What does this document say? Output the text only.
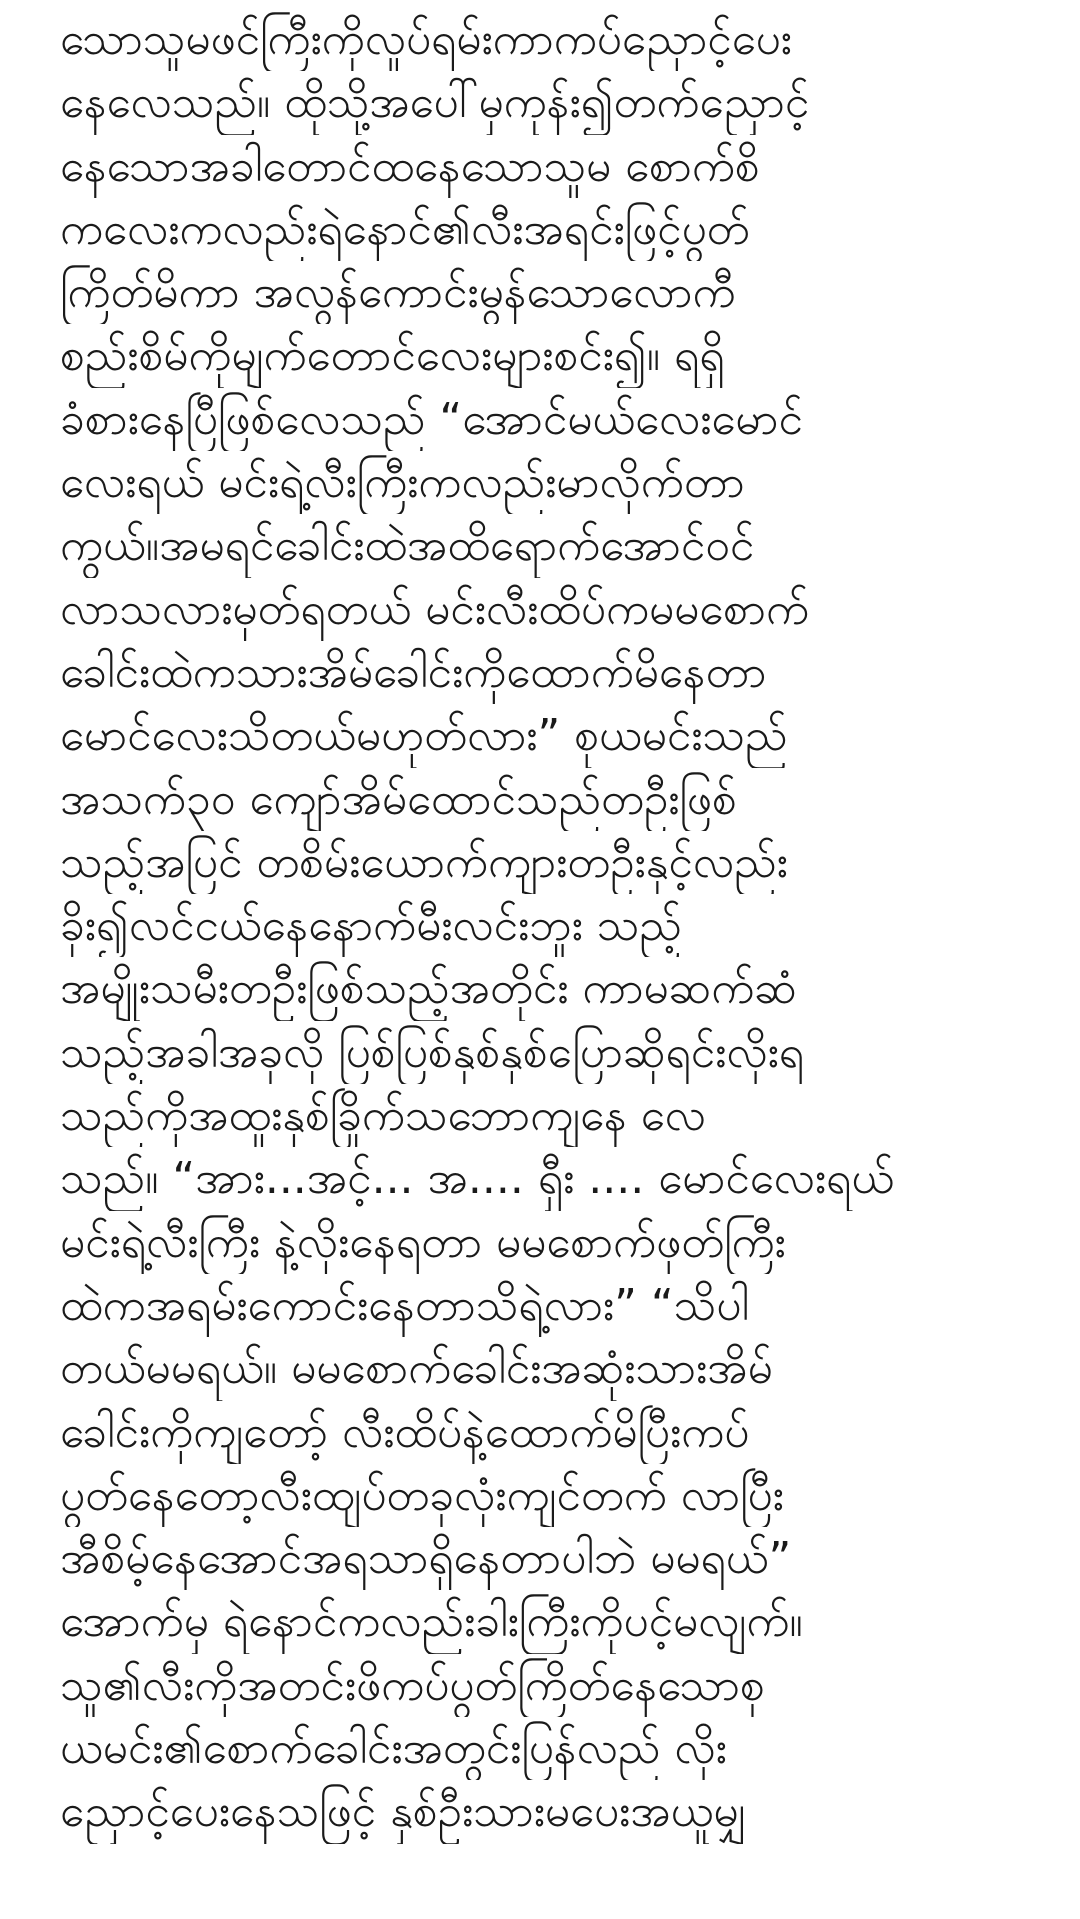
သောသူမဖင်ကြီးကိုလှုပ်ရမ်းကာကပ်ညှောင့်ပေး
နေလေသည်။ ထိုသို့အပေါ်မှကုန်း၍တက်ညှောင့်
နေသောအခါတောင်ထနေသောသူမ စောက်စိ
ကလေးကလည်းရဲနောင်၏လီးအရင်းဖြင့်ပွတ်
ကြိတ်မိကာ အလွန်ကောင်းမွန်သောလောကီ
စည်းစိမ်ကိုမျက်တောင်လေးများစင်း၍။ ရရှိ
ခံစားနေပြီဖြစ်လေသည် “အောင်မယ်လေးမောင်
လေးရယ် မင်းရဲ့လီးကြီးကလည်းမာလိုက်တာ
ကွယ်။အမရင်ခေါင်းထဲအထိရောက်အောင်ဝင်
လာသလားမှတ်ရတယ် မင်းလီးထိပ်ကမမစောက်
ခေါင်းထဲကသားအိမ်ခေါင်းကိုထောက်မိနေတာ
မောင်လေးသိတယ်မဟုတ်လား” စုယမင်းသည်
အသက်၃၀ ကျော်အိမ်ထောင်သည်တဦးဖြစ်
သည့်အပြင် တစိမ်းယောက်ကျားတဦးနှင့်လည်း
ခိုး၍လင်ငယ်နေနောက်မီးလင်းဘူး သည့်
အမျိုးသမီးတဦးဖြစ်သည့်အတိုင်း ကာမဆက်ဆံ
သည့်အခါအခုလို ပြစ်ပြစ်နှစ်နှစ်ပြောဆိုရင်းလိုးရ
သည်ကိုအထူးနှစ်ခြိုက်သဘောကျနေ လေ
သည်။ “အား...အင့်... အ.... ရှီး .... မောင်လေးရယ်
မင်းရဲ့လီးကြီး နဲ့လိုးနေရတာ မမစောက်ဖုတ်ကြီး
ထဲကအရမ်းကောင်းနေတာသိရဲ့လား” “သိပါ
တယ်မမရယ်။ မမစောက်ခေါင်းအဆုံးသားအိမ်
ခေါင်းကိုကျတော့် လီးထိပ်နဲ့ထောက်မိပြီးကပ်
ပွတ်နေတော့လီးထျပ်တခုလုံးကျင်တက် လာပြီး
အီစိမ့်နေအောင်အရသာရှိနေတာပါဘဲ မမရယ်”
အောက်မှ ရဲနောင်ကလည်းခါးကြီးကိုပင့်မလျက်။
သူ၏လီးကိုအတင်းဖိကပ်ပွတ်ကြိတ်နေသောစု
ယမင်း၏စောက်ခေါင်းအတွင်းပြန်လည် လိုး
ညှောင့်ပေးနေသဖြင့် နှစ်ဦးသားမပေးအယူမျှ
